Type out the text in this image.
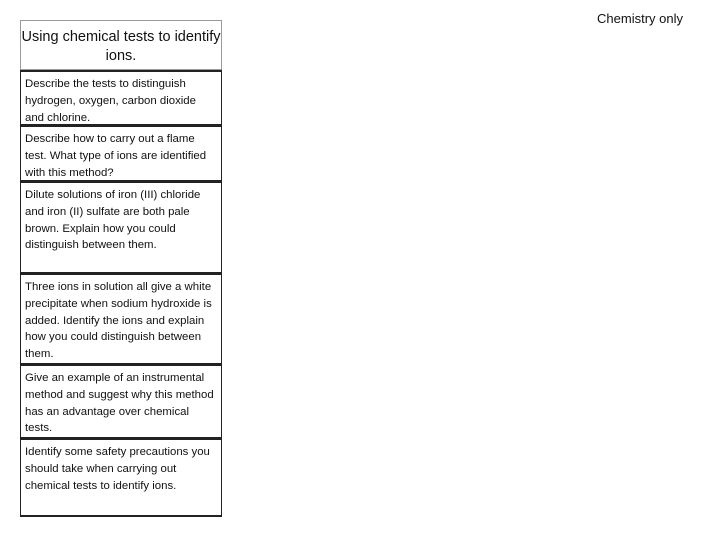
Chemistry only
Using chemical tests to identify ions.
Describe the tests to distinguish hydrogen, oxygen, carbon dioxide and chlorine.
Describe how to carry out a flame test. What type of ions are identified with this method?
Dilute solutions of iron (III) chloride and iron (II) sulfate are both pale brown. Explain how you could distinguish between them.
Three ions in solution all give a white precipitate when sodium hydroxide is added. Identify the ions and explain how you could distinguish between them.
Give an example of an instrumental method and suggest why this method has an advantage over chemical tests.
Identify some safety precautions you should take when carrying out chemical tests to identify ions.
